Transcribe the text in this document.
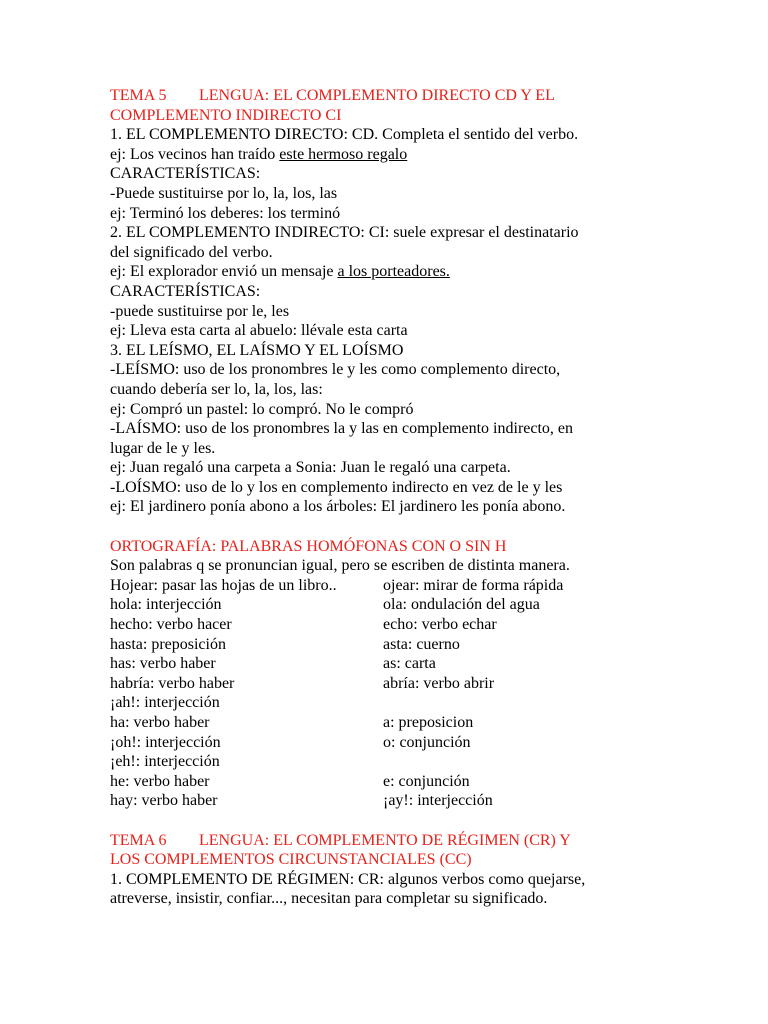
TEMA 5 LENGUA: EL COMPLEMENTO DIRECTO CD Y EL
COMPLEMENTO INDIRECTO CI
1. EL COMPLEMENTO DIRECTO: CD. Completa el sentido del verbo.
ej: Los vecinos han traído este hermoso regalo
CARACTERÍSTICAS:
-Puede sustituirse por lo, la, los, las
ej: Terminó los deberes: los terminó
2. EL COMPLEMENTO INDIRECTO: CI: suele expresar el destinatario
del significado del verbo.
ej: El explorador envió un mensaje a los porteadores.
CARACTERÍSTICAS:
-puede sustituirse por le, les
ej: Lleva esta carta al abuelo: llévale esta carta
3. EL LEÍSMO, EL LAÍSMO Y EL LOÍSMO
-LEÍSMO: uso de los pronombres le y les como complemento directo,
cuando debería ser lo, la, los, las:
ej: Compró un pastel: lo compró. No le compró
-LAÍSMO: uso de los pronombres la y las en complemento indirecto, en
lugar de le y les.
ej: Juan regaló una carpeta a Sonia: Juan le regaló una carpeta.
-LOÍSMO: uso de lo y los en complemento indirecto en vez de le y les
ej: El jardinero ponía abono a los árboles: El jardinero les ponía abono.
ORTOGRAFÍA: PALABRAS HOMÓFONAS CON O SIN H
Son palabras q se pronuncian igual, pero se escriben de distinta manera.
Hojear: pasar las hojas de un libro..	ojear: mirar de forma rápida
hola: interjección	ola: ondulación del agua
hecho: verbo hacer	echo: verbo echar
hasta: preposición	asta: cuerno
has: verbo haber	as: carta
habría: verbo haber	abría: verbo abrir
¡ah!: interjección
ha: verbo haber	a: preposicion
¡oh!: interjección	o: conjunción
¡eh!: interjección
he: verbo haber	e: conjunción
hay: verbo haber	¡ay!: interjección
TEMA 6 LENGUA: EL COMPLEMENTO DE RÉGIMEN (CR) Y
LOS COMPLEMENTOS CIRCUNSTANCIALES (CC)
1. COMPLEMENTO DE RÉGIMEN: CR: algunos verbos como quejarse,
atreverse, insistir, confiar..., necesitan para completar su significado.
